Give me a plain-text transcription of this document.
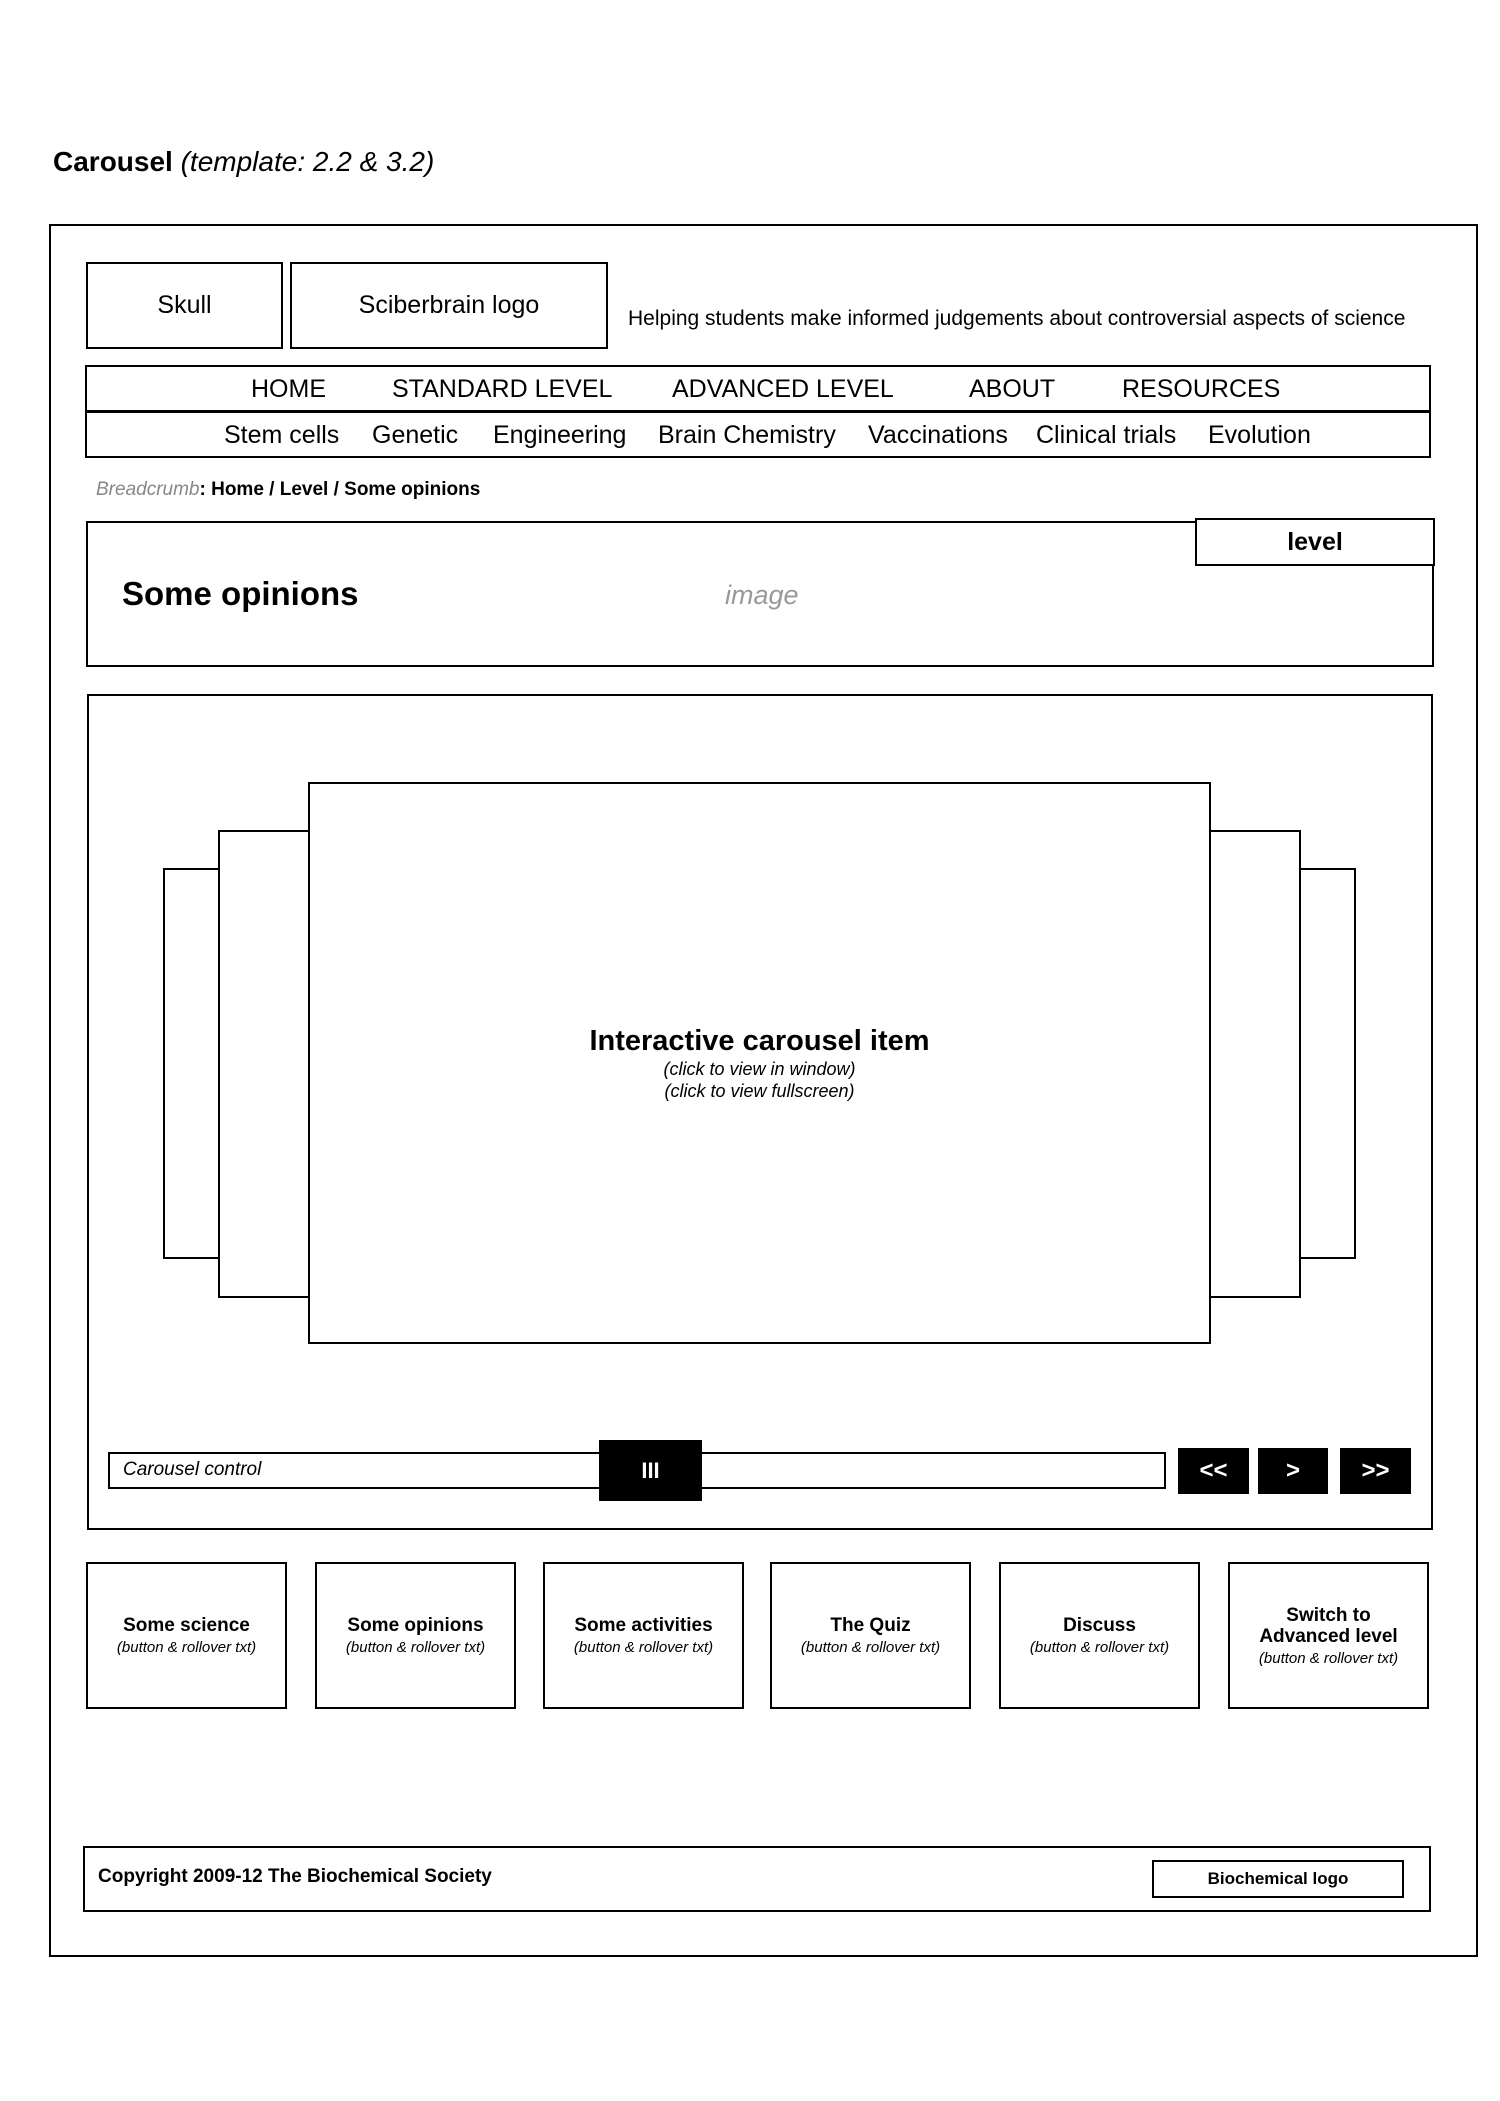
Carousel (template: 2.2 & 3.2)
Skull	Sciberbrain logo	Helping students make informed judgements about controversial aspects of science
HOME	STANDARD LEVEL ADVANCED LEVEL	ABOUT	RESOURCES
Stem cells Genetic Engineering Brain Chemistry Vaccinations Clinical trials Evolution
Breadcrumb: Home / Level / Some opinions
Some opinions	image
level
Interactive carousel item
(click to view in window)
(click to view fullscreen)
Carousel control	III	<<	>	>>
Some science
(button & rollover txt)
Some opinions
(button & rollover txt)
Some activities
(button & rollover txt)
The Quiz
(button & rollover txt)
Discuss
(button & rollover txt)
Switch to Advanced level
(button & rollover txt)
Copyright 2009-12 The Biochemical Society	Biochemical logo
